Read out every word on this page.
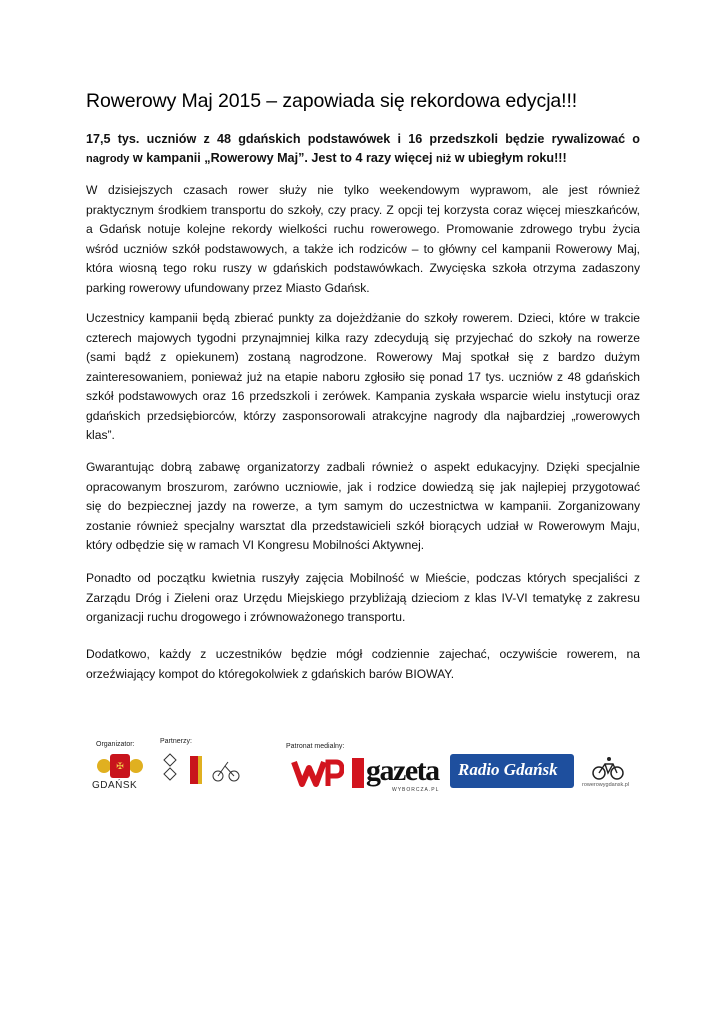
Rowerowy Maj 2015 – zapowiada się rekordowa edycja!!!

17,5 tys. uczniów z 48 gdańskich podstawówek i 16 przedszkoli będzie rywalizować o
nagrody w kampanii „Rowerowy Maj”. Jest to 4 razy więcej niż w ubiegłym roku!!!

W dzisiejszych czasach rower służy nie tylko weekendowym wyprawom, ale jest również
praktycznym środkiem transportu do szkoły, czy pracy. Z opcji tej korzysta coraz więcej mieszkańców,
a Gdańsk notuje kolejne rekordy wielkości ruchu rowerowego. Promowanie zdrowego trybu życia
wśród uczniów szkół podstawowych, a także ich rodziców – to główny cel kampanii Rowerowy Maj,
która wiosną tego roku ruszy w gdańskich podstawówkach. Zwycięska szkoła otrzyma zadaszony
parking rowerowy ufundowany przez Miasto Gdańsk.

Uczestnicy kampanii będą zbierać punkty za dojeżdżanie do szkoły rowerem. Dzieci, które w trakcie
czterech majowych tygodni przynajmniej kilka razy zdecydują się przyjechać do szkoły na rowerze
(sami bądź z opiekunem) zostaną nagrodzone. Rowerowy Maj spotkał się z bardzo dużym
zainteresowaniem, ponieważ już na etapie naboru zgłosiło się ponad 17 tys. uczniów z 48 gdańskich
szkół podstawowych oraz 16 przedszkoli i zerówek. Kampania zyskała wsparcie wielu instytucji oraz
gdańskich przedsiębiorców, którzy zasponsorowali atrakcyjne nagrody dla najbardziej „rowerowych
klas”.

Gwarantując dobrą zabawę organizatorzy zadbali również o aspekt edukacyjny. Dzięki specjalnie
opracowanym broszurom, zarówno uczniowie, jak i rodzice dowiedzą się jak najlepiej przygotować
się do bezpiecznej jazdy na rowerze, a tym samym do uczestnictwa w kampanii. Zorganizowany
zostanie również specjalny warsztat dla przedstawicieli szkół biorących udział w Rowerowym Maju,
który odbędzie się w ramach VI Kongresu Mobilności Aktywnej.

Ponadto od początku kwietnia ruszyły zajęcia Mobilność w Mieście, podczas których specjaliści z
Zarządu Dróg i Zieleni oraz Urzędu Miejskiego przybliżają dzieciom z klas IV-VI tematykę z zakresu
organizacji ruchu drogowego i zrównoważonego transportu.

Dodatkowo, każdy z uczestników będzie mógł codziennie zajechać, oczywiście rowerem, na
orzeźwiający kompot do któregokolwiek z gdańskich barów BIOWAY.

Organizator:
✠
GDAŃSK
Partnerzy:
Patronat medialny:
gazeta
WYBORCZA.PL
Radio Gdańsk
rowerowygdansk.pl
